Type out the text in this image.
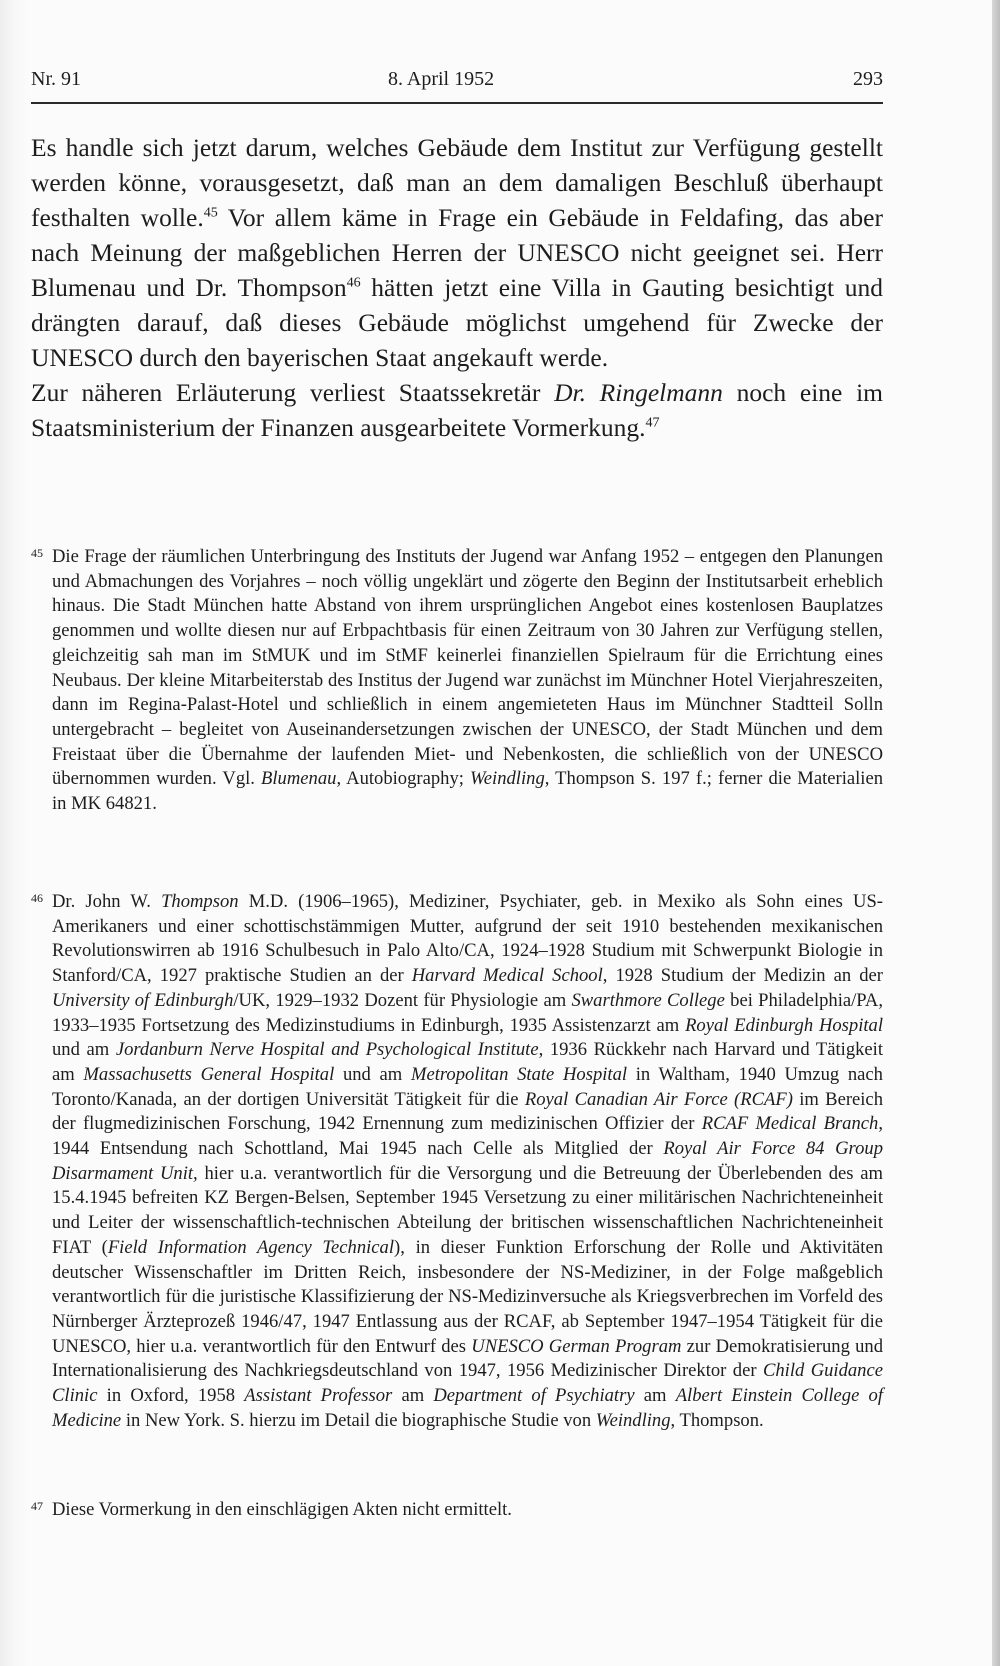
Nr. 91	8. April 1952	293

Es handle sich jetzt darum, welches Gebäude dem Institut zur Verfügung gestellt werden könne, vorausgesetzt, daß man an dem damaligen Beschluß überhaupt festhalten wolle.$^{45}$ Vor allem käme in Frage ein Gebäude in Feldafing, das aber nach Meinung der maßgeblichen Herren der UNESCO nicht geeignet sei. Herr Blumenau und Dr. Thompson$^{46}$ hätten jetzt eine Villa in Gauting besichtigt und drängten darauf, daß dieses Gebäude möglichst umgehend für Zwecke der UNESCO durch den bayerischen Staat angekauft werde.

Zur näheren Erläuterung verliest Staatssekretär Dr. Ringelmann noch eine im Staatsministerium der Finanzen ausgearbeitete Vormerkung.$^{47}$

45 Die Frage der räumlichen Unterbringung des Instituts der Jugend war Anfang 1952 – entgegen den Planungen und Abmachungen des Vorjahres – noch völlig ungeklärt und zögerte den Beginn der Institutsarbeit erheblich hinaus. Die Stadt München hatte Abstand von ihrem ursprünglichen Angebot eines kostenlosen Bauplatzes genommen und wollte diesen nur auf Erbpachtbasis für einen Zeitraum von 30 Jahren zur Verfügung stellen, gleichzeitig sah man im StMUK und im StMF keinerlei finanziellen Spielraum für die Errichtung eines Neubaus. Der kleine Mitarbeiterstab des Institus der Jugend war zunächst im Münchner Hotel Vierjahreszeiten, dann im Regina-Palast-Hotel und schließlich in einem angemieteten Haus im Münchner Stadtteil Solln untergebracht – begleitet von Auseinandersetzungen zwischen der UNESCO, der Stadt München und dem Freistaat über die Übernahme der laufenden Miet- und Nebenkosten, die schließlich von der UNESCO übernommen wurden. Vgl. Blumenau, Autobiography; Weindling, Thompson S. 197 f.; ferner die Materialien in MK 64821.
46 Dr. John W. Thompson M.D. (1906–1965), Mediziner, Psychiater, geb. in Mexiko als Sohn eines US-Amerikaners und einer schottischstämmigen Mutter, aufgrund der seit 1910 bestehenden mexikanischen Revolutionswirren ab 1916 Schulbesuch in Palo Alto/CA, 1924–1928 Studium mit Schwerpunkt Biologie in Stanford/CA, 1927 praktische Studien an der Harvard Medical School, 1928 Studium der Medizin an der University of Edinburgh/UK, 1929–1932 Dozent für Physiologie am Swarthmore College bei Philadelphia/PA, 1933–1935 Fortsetzung des Medizinstudiums in Edinburgh, 1935 Assistenzarzt am Royal Edinburgh Hospital und am Jordanburn Nerve Hospital and Psychological Institute, 1936 Rückkehr nach Harvard und Tätigkeit am Massachusetts General Hospital und am Metropolitan State Hospital in Waltham, 1940 Umzug nach Toronto/Kanada, an der dortigen Universität Tätigkeit für die Royal Canadian Air Force (RCAF) im Bereich der flugmedizinischen Forschung, 1942 Ernennung zum medizinischen Offizier der RCAF Medical Branch, 1944 Entsendung nach Schottland, Mai 1945 nach Celle als Mitglied der Royal Air Force 84 Group Disarmament Unit, hier u.a. verantwortlich für die Versorgung und die Betreuung der Überlebenden des am 15.4.1945 befreiten KZ Bergen-Belsen, September 1945 Versetzung zu einer militärischen Nachrichteneinheit und Leiter der wissenschaftlich-technischen Abteilung der britischen wissenschaftlichen Nachrichteneinheit FIAT (Field Information Agency Technical), in dieser Funktion Erforschung der Rolle und Aktivitäten deutscher Wissenschaftler im Dritten Reich, insbesondere der NS-Mediziner, in der Folge maßgeblich verantwortlich für die juristische Klassifizierung der NS-Medizinversuche als Kriegsverbrechen im Vorfeld des Nürnberger Ärzteprozeß 1946/47, 1947 Entlassung aus der RCAF, ab September 1947–1954 Tätigkeit für die UNESCO, hier u.a. verantwortlich für den Entwurf des UNESCO German Program zur Demokratisierung und Internationalisierung des Nachkriegsdeutschland von 1947, 1956 Medizinischer Direktor der Child Guidance Clinic in Oxford, 1958 Assistant Professor am Department of Psychiatry am Albert Einstein College of Medicine in New York. S. hierzu im Detail die biographische Studie von Weindling, Thompson.
47 Diese Vormerkung in den einschlägigen Akten nicht ermittelt.
